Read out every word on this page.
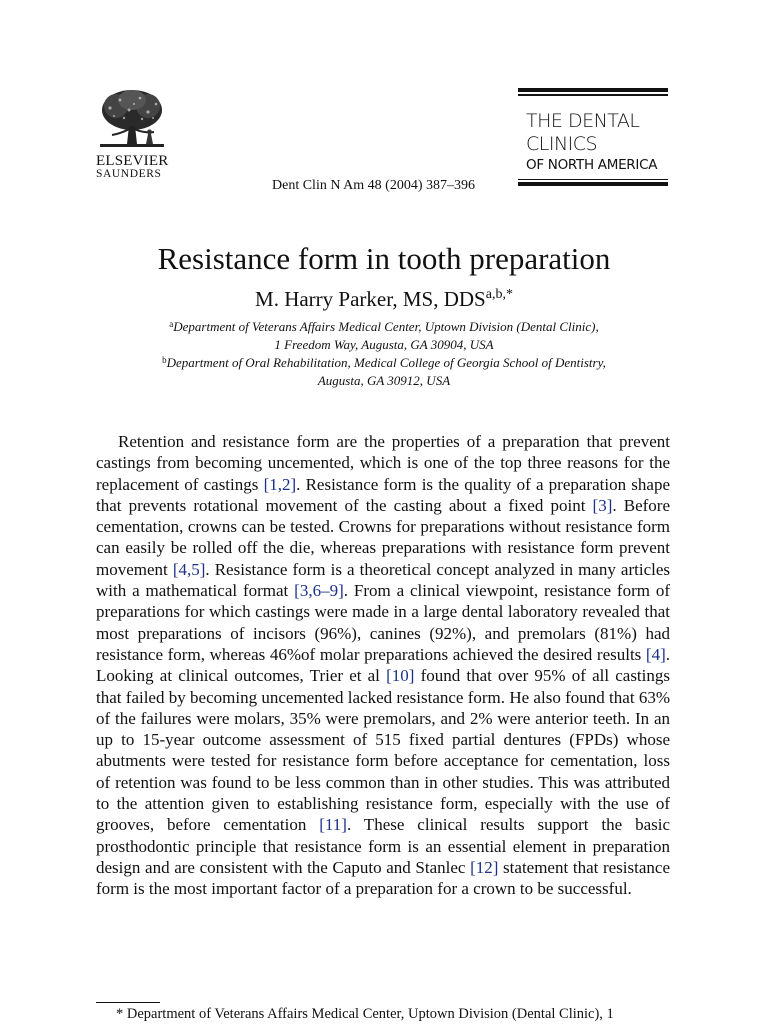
ELSEVIER
SAUNDERS
Dent Clin N Am 48 (2004) 387–396
THE DENTAL
CLINICS
OF NORTH AMERICA
Resistance form in tooth preparation
M. Harry Parker, MS, $DDS^{a,b,*}$
$^a$Department of Veterans Affairs Medical Center, Uptown Division (Dental Clinic),
1 Freedom Way, Augusta, GA 30904, USA
$^b$Department of Oral Rehabilitation, Medical College of Georgia School of Dentistry,
Augusta, GA 30912, USA

Retention and resistance form are the properties of a preparation that prevent castings from becoming uncemented, which is one of the top three reasons for the replacement of castings [1,2]. Resistance form is the quality of a preparation shape that prevents rotational movement of the casting about a fixed point [3]. Before cementation, crowns can be tested. Crowns for preparations without resistance form can easily be rolled off the die, whereas preparations with resistance form prevent movement [4,5]. Resistance form is a theoretical concept analyzed in many articles with a mathematical format [3,6–9]. From a clinical viewpoint, resistance form of preparations for which castings were made in a large dental laboratory revealed that most preparations of incisors (96%), canines (92%), and premolars (81%) had resistance form, whereas 46%of molar preparations achieved the desired results [4]. Looking at clinical outcomes, Trier et al [10] found that over 95% of all castings that failed by becoming uncemented lacked resistance form. He also found that 63% of the failures were molars, 35% were premolars, and 2% were anterior teeth. In an up to 15-year outcome assessment of 515 fixed partial dentures (FPDs) whose abutments were tested for resistance form before acceptance for cementation, loss of retention was found to be less common than in other studies. This was attributed to the attention given to establishing resistance form, especially with the use of grooves, before cementation [11]. These clinical results support the basic prosthodontic principle that resistance form is an essential element in preparation design and are consistent with the Caputo and Stanlec [12] statement that resistance form is the most important factor of a preparation for a crown to be successful.

* Department of Veterans Affairs Medical Center, Uptown Division (Dental Clinic), 1
